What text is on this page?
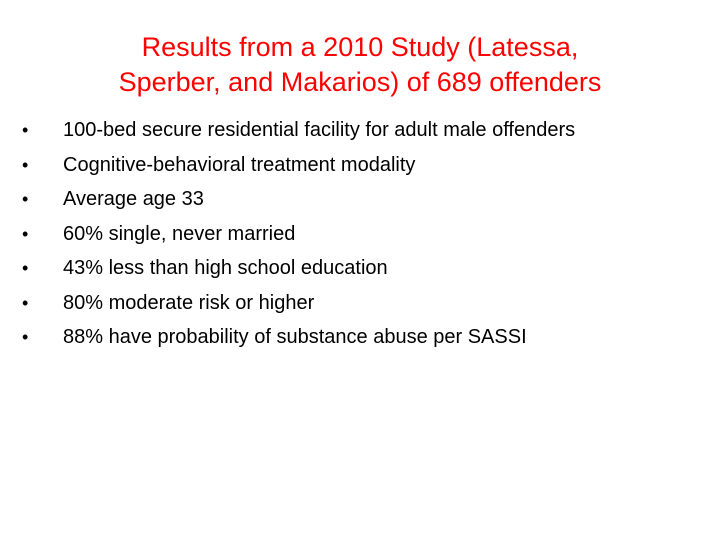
Results from a 2010 Study (Latessa,
Sperber, and Makarios) of 689 offenders
•	100-bed secure residential facility for adult male offenders
•	Cognitive-behavioral treatment modality
•	Average age 33
•	60% single, never married
•	43% less than high school education
•	80% moderate risk or higher
•	88% have probability of substance abuse per SASSI
